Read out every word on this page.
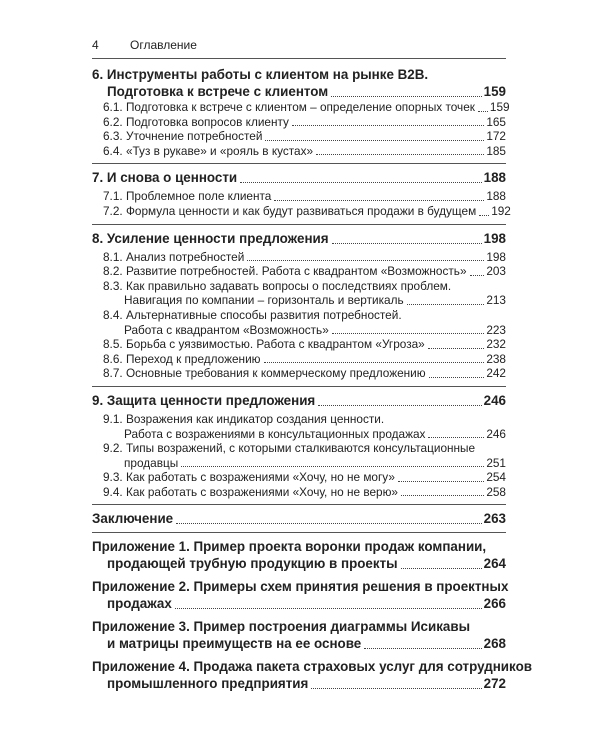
4	Оглавление
6. Инструменты работы с клиентом на рынке B2B.
Подготовка к встрече с клиентом	159
6.1. Подготовка к встрече с клиентом – определение опорных точек 159
6.2. Подготовка вопросов клиенту	165
6.3. Уточнение потребностей	172
6.4. «Туз в рукаве» и «рояль в кустах»	185
7. И снова о ценности	188
7.1. Проблемное поле клиента	188
7.2. Формула ценности и как будут развиваться продажи в будущем 192
8. Усиление ценности предложения	198
8.1. Анализ потребностей	198
8.2. Развитие потребностей. Работа с квадрантом «Возможность» 203
8.3. Как правильно задавать вопросы о последствиях проблем.
Навигация по компании – горизонталь и вертикаль	213
8.4. Альтернативные способы развития потребностей.
Работа с квадрантом «Возможность»	223
8.5. Борьба с уязвимостью. Работа с квадрантом «Угроза»	232
8.6. Переход к предложению	238
8.7. Основные требования к коммерческому предложению	242
9. Защита ценности предложения	246
9.1. Возражения как индикатор создания ценности.
Работа с возражениями в консультационных продажах	246
9.2. Типы возражений, с которыми сталкиваются консультационные
продавцы	251
9.3. Как работать с возражениями «Хочу, но не могу»	254
9.4. Как работать с возражениями «Хочу, но не верю»	258
Заключение	263
Приложение 1. Пример проекта воронки продаж компании,
продающей трубную продукцию в проекты	264
Приложение 2. Примеры схем принятия решения в проектных
продажах	266
Приложение 3. Пример построения диаграммы Исикавы
и матрицы преимуществ на ее основе	268
Приложение 4. Продажа пакета страховых услуг для сотрудников
промышленного предприятия	272
